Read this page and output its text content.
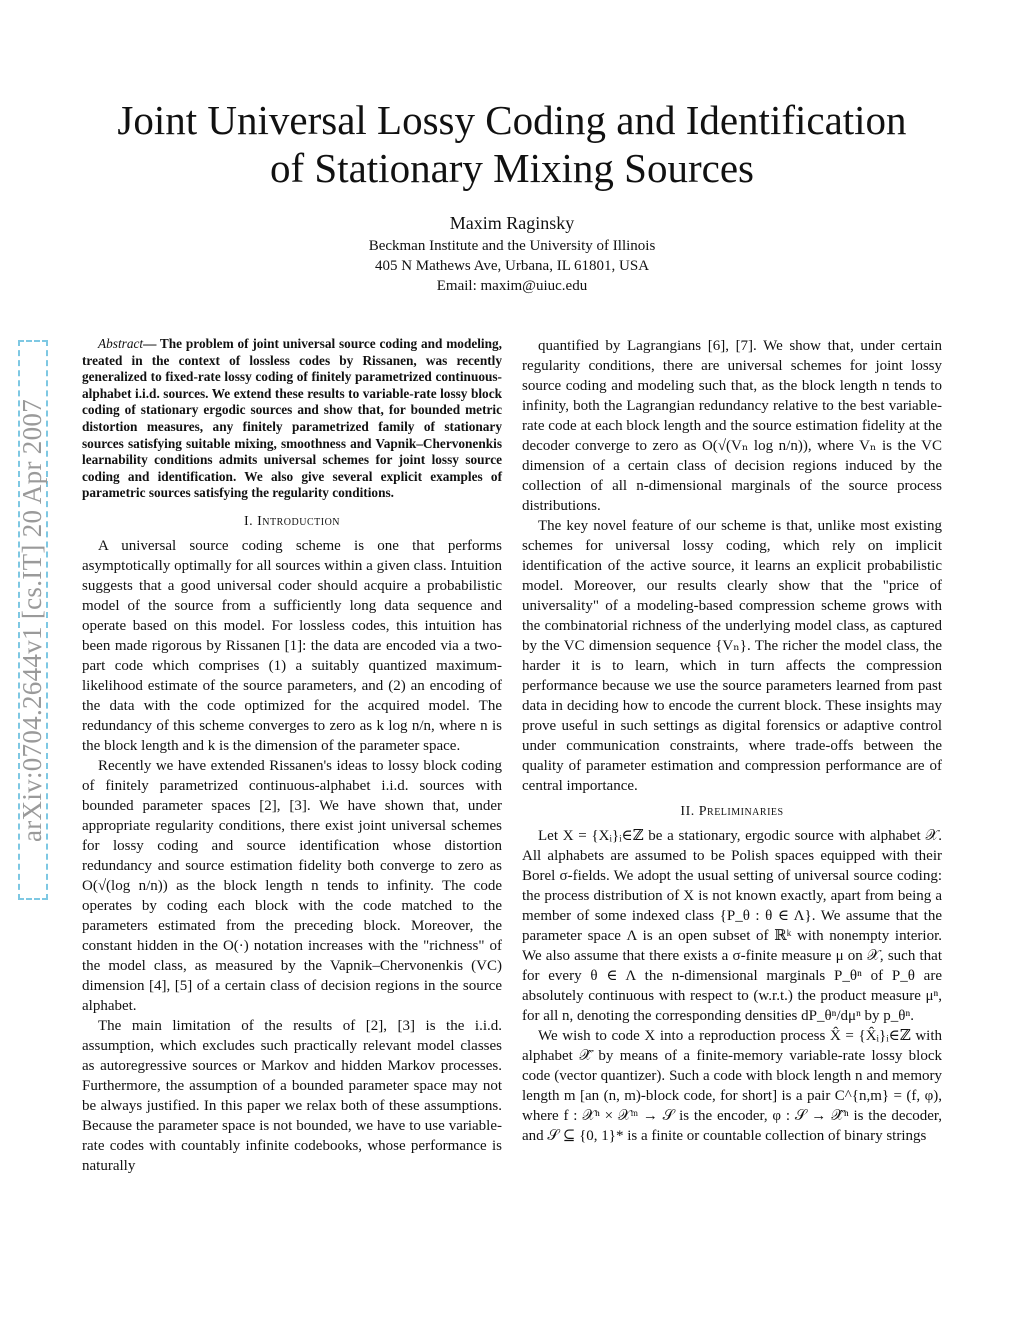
arXiv:0704.2644v1 [cs.IT] 20 Apr 2007
Joint Universal Lossy Coding and Identification
of Stationary Mixing Sources
Maxim Raginsky
Beckman Institute and the University of Illinois
405 N Mathews Ave, Urbana, IL 61801, USA
Email: maxim@uiuc.edu

Abstract— The problem of joint universal source coding and modeling, treated in the context of lossless codes by Rissanen, was recently generalized to fixed-rate lossy coding of finitely parametrized continuous-alphabet i.i.d. sources. We extend these results to variable-rate lossy block coding of stationary ergodic sources and show that, for bounded metric distortion measures, any finitely parametrized family of stationary sources satisfying suitable mixing, smoothness and Vapnik–Chervonenkis learnability conditions admits universal schemes for joint lossy source coding and identification. We also give several explicit examples of parametric sources satisfying the regularity conditions.

I. Introduction

A universal source coding scheme is one that performs asymptotically optimally for all sources within a given class. Intuition suggests that a good universal coder should acquire a probabilistic model of the source from a sufficiently long data sequence and operate based on this model. For lossless codes, this intuition has been made rigorous by Rissanen [1]: the data are encoded via a two-part code which comprises (1) a suitably quantized maximum-likelihood estimate of the source parameters, and (2) an encoding of the data with the code optimized for the acquired model. The redundancy of this scheme converges to zero as k log n/n, where n is the block length and k is the dimension of the parameter space.

Recently we have extended Rissanen's ideas to lossy block coding of finitely parametrized continuous-alphabet i.i.d. sources with bounded parameter spaces [2], [3]. We have shown that, under appropriate regularity conditions, there exist joint universal schemes for lossy coding and source identification whose distortion redundancy and source estimation fidelity both converge to zero as O(√(log n/n)) as the block length n tends to infinity. The code operates by coding each block with the code matched to the parameters estimated from the preceding block. Moreover, the constant hidden in the O(·) notation increases with the "richness" of the model class, as measured by the Vapnik–Chervonenkis (VC) dimension [4], [5] of a certain class of decision regions in the source alphabet.

The main limitation of the results of [2], [3] is the i.i.d. assumption, which excludes such practically relevant model classes as autoregressive sources or Markov and hidden Markov processes. Furthermore, the assumption of a bounded parameter space may not be always justified. In this paper we relax both of these assumptions. Because the parameter space is not bounded, we have to use variable-rate codes with countably infinite codebooks, whose performance is naturally

quantified by Lagrangians [6], [7]. We show that, under certain regularity conditions, there are universal schemes for joint lossy source coding and modeling such that, as the block length n tends to infinity, both the Lagrangian redundancy relative to the best variable-rate code at each block length and the source estimation fidelity at the decoder converge to zero as O(√(Vₙ log n/n)), where Vₙ is the VC dimension of a certain class of decision regions induced by the collection of all n-dimensional marginals of the source process distributions.

The key novel feature of our scheme is that, unlike most existing schemes for universal lossy coding, which rely on implicit identification of the active source, it learns an explicit probabilistic model. Moreover, our results clearly show that the "price of universality" of a modeling-based compression scheme grows with the combinatorial richness of the underlying model class, as captured by the VC dimension sequence {Vₙ}. The richer the model class, the harder it is to learn, which in turn affects the compression performance because we use the source parameters learned from past data in deciding how to encode the current block. These insights may prove useful in such settings as digital forensics or adaptive control under communication constraints, where trade-offs between the quality of parameter estimation and compression performance are of central importance.

II. Preliminaries

Let X = {Xᵢ}ᵢ∈ℤ be a stationary, ergodic source with alphabet 𝒳. All alphabets are assumed to be Polish spaces equipped with their Borel σ-fields. We adopt the usual setting of universal source coding: the process distribution of X is not known exactly, apart from being a member of some indexed class {P_θ : θ ∈ Λ}. We assume that the parameter space Λ is an open subset of ℝᵏ with nonempty interior. We also assume that there exists a σ-finite measure μ on 𝒳, such that for every θ ∈ Λ the n-dimensional marginals P_θⁿ of P_θ are absolutely continuous with respect to (w.r.t.) the product measure μⁿ, for all n, denoting the corresponding densities dP_θⁿ/dμⁿ by p_θⁿ.

We wish to code X into a reproduction process X̂ = {X̂ᵢ}ᵢ∈ℤ with alphabet 𝒳̂ by means of a finite-memory variable-rate lossy block code (vector quantizer). Such a code with block length n and memory length m [an (n, m)-block code, for short] is a pair C^{n,m} = (f, φ), where f : 𝒳ⁿ × 𝒳ᵐ → 𝒮 is the encoder, φ : 𝒮 → 𝒳̂ⁿ is the decoder, and 𝒮 ⊆ {0, 1}* is a finite or countable collection of binary strings
